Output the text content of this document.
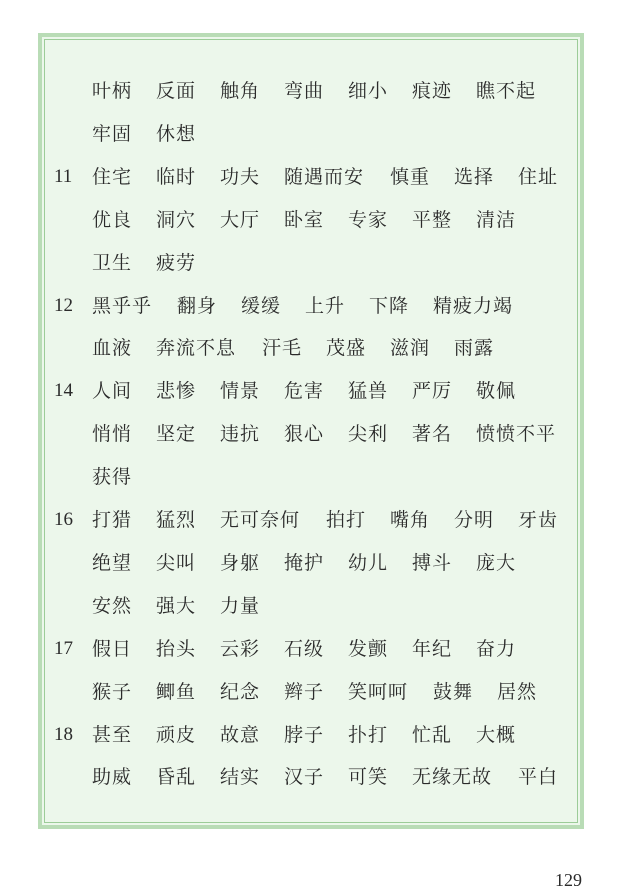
叶柄 反面 触角 弯曲 细小 痕迹 瞧不起
牢固 休想
11	住宅 临时 功夫 随遇而安 慎重 选择 住址
优良 洞穴 大厅 卧室 专家 平整 清洁
卫生 疲劳
12	黑乎乎 翻身 缓缓 上升 下降 精疲力竭
血液 奔流不息 汗毛 茂盛 滋润 雨露
14	人间 悲惨 情景 危害 猛兽 严厉 敬佩
悄悄 坚定 违抗 狠心 尖利 著名 愤愤不平
获得
16	打猎 猛烈 无可奈何 拍打 嘴角 分明 牙齿
绝望 尖叫 身躯 掩护 幼儿 搏斗 庞大
安然 强大 力量
17	假日 抬头 云彩 石级 发颤 年纪 奋力
猴子 鲫鱼 纪念 辫子 笑呵呵 鼓舞 居然
18	甚至 顽皮 故意 脖子 扑打 忙乱 大概
助威 昏乱 结实 汉子 可笑 无缘无故 平白
129
